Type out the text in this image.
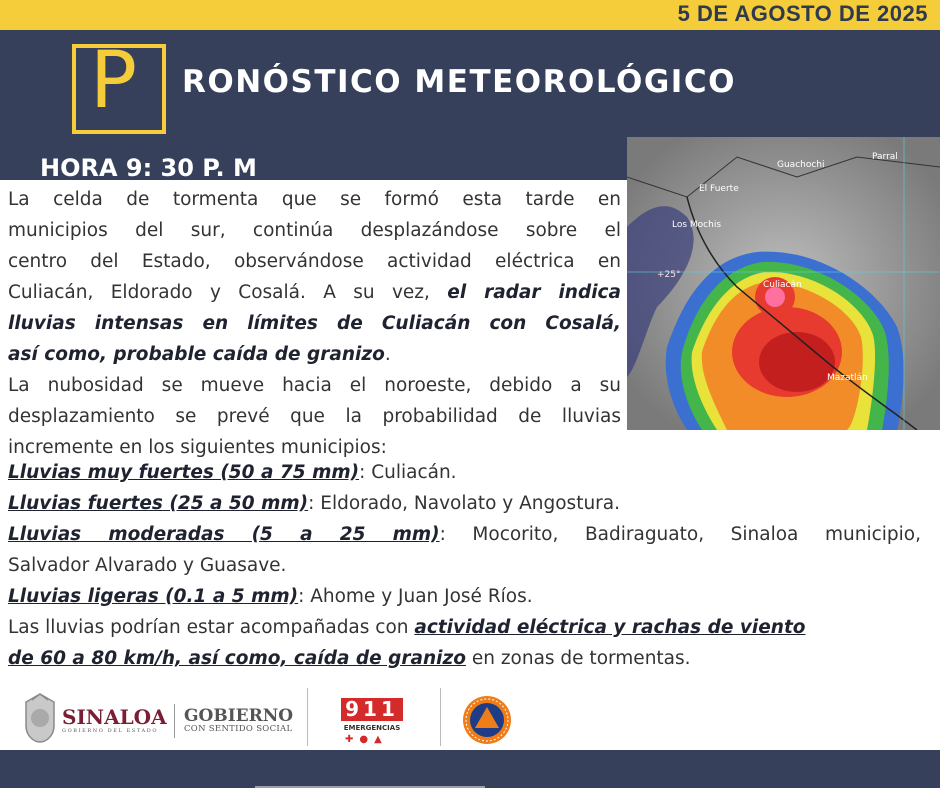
5 DE AGOSTO DE 2025
P RONÓSTICO METEOROLÓGICO
HORA 9: 30 P. M	Guachochi
Parral
El Fuerte
Los Mochis
+25°
Culiacán
Mazatlán
La celda de tormenta que se formó esta tarde en
municipios del sur, continúa desplazándose sobre el
centro del Estado, observándose actividad eléctrica en
Culiacán, Eldorado y Cosalá. A su vez, el radar indica
lluvias intensas en límites de Culiacán con Cosalá,
así como, probable caída de granizo.
La nubosidad se mueve hacia el noroeste, debido a su
desplazamiento se prevé que la probabilidad de lluvias
incremente en los siguientes municipios:
Lluvias muy fuertes (50 a 75 mm): Culiacán.
Lluvias fuertes (25 a 50 mm): Eldorado, Navolato y Angostura.
Lluvias moderadas (5 a 25 mm): Mocorito, Badiraguato, Sinaloa municipio,
Salvador Alvarado y Guasave.
Lluvias ligeras (0.1 a 5 mm): Ahome y Juan José Ríos.
Las lluvias podrían estar acompañadas con actividad eléctrica y rachas de viento
de 60 a 80 km/h, así como, caída de granizo en zonas de tormentas.
SINALOA
GOBIERNO DEL ESTADO
GOBIERNO
CON SENTIDO SOCIAL
911
EMERGENCIAS
✚●▲
